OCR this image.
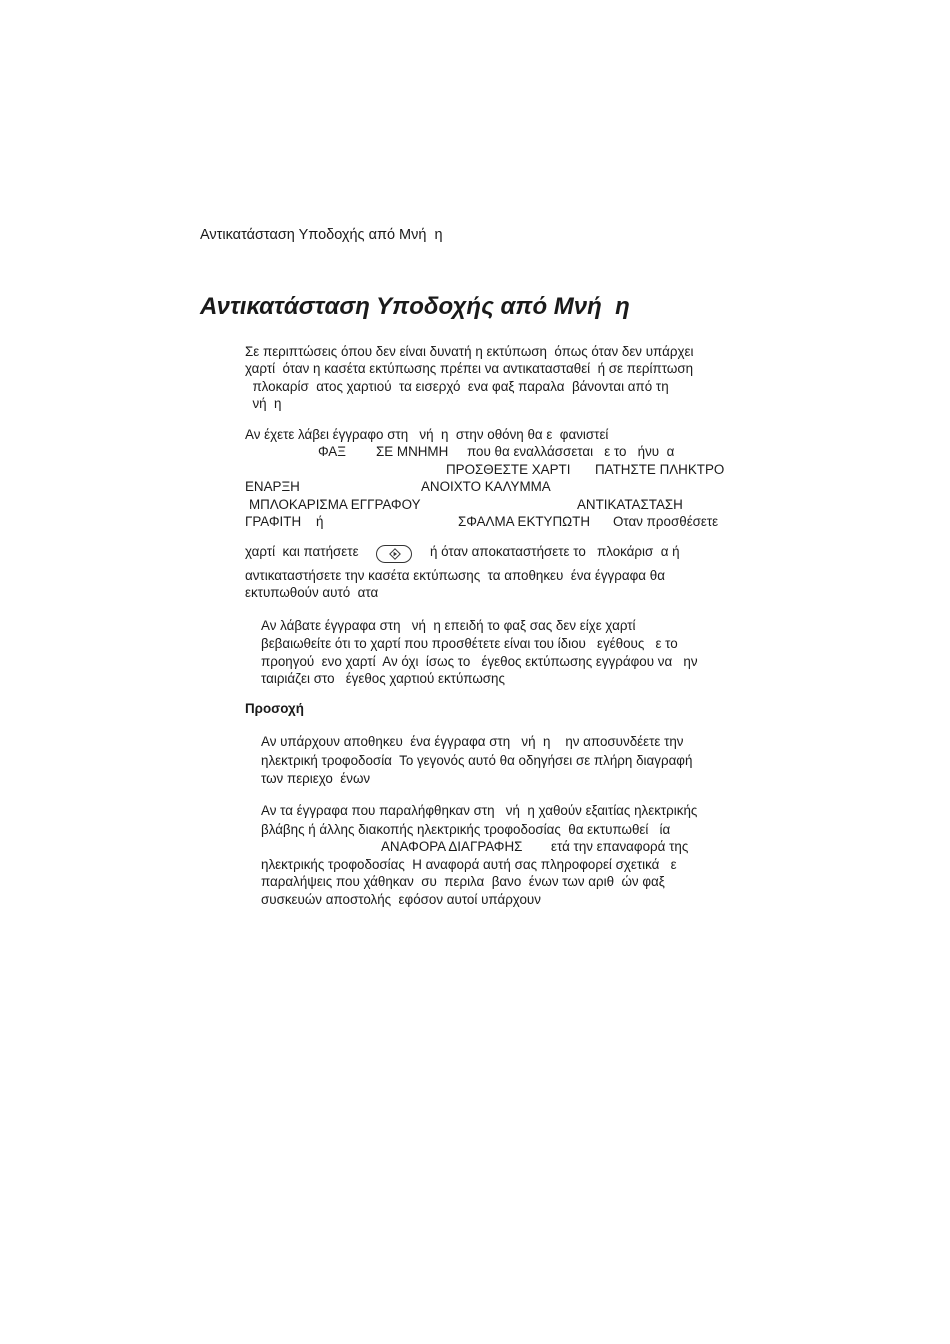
Αντικατάσταση Υποδοχής από Μνή  η
Αντικατάσταση Υποδοχής από Μνή  η
Σε περιπτώσεις όπου δεν είναι δυνατή η εκτύπωση  όπως όταν δεν υπάρχει
χαρτί  όταν η κασέτα εκτύπωσης πρέπει να αντικατασταθεί  ή σε περίπτωση
πλοκαρίσ  ατος χαρτιού  τα εισερχό  ενα φαξ παραλα  βάνονται από τη
νή  η
Αν έχετε λάβει έγγραφο στη   νή  η  στην οθόνη θα ε  φανιστεί
ΦΑΞ ΣΕ ΜΝΗΜΗ που θα εναλλάσσεται   ε το   ήνυ  α
ΠΡΟΣΘΕΣΤΕ ΧΑΡΤΙ ΠΑΤΗΣΤΕ ΠΛΗΚΤΡΟ
ΕΝΑΡΞΗ	ΑΝΟΙΧΤΟ ΚΑΛΥΜΜΑ
ΜΠΛΟΚΑΡΙΣΜΑ ΕΓΓΡΑΦΟΥ	ΑΝΤΙΚΑΤΑΣΤΑΣΗ
ΓΡΑΦΙΤΗ ή	ΣΦΑΛΜΑ ΕΚΤΥΠΩΤΗ Οταν προσθέσετε
χαρτί  και πατήσετε	ή όταν αποκαταστήσετε το   πλοκάρισ  α ή
αντικαταστήσετε την κασέτα εκτύπωσης  τα αποθηκευ  ένα έγγραφα θα
εκτυπωθούν αυτό  ατα
Αν λάβατε έγγραφα στη   νή  η επειδή το φαξ σας δεν είχε χαρτί
βεβαιωθείτε ότι το χαρτί που προσθέτετε είναι του ίδιου   εγέθους   ε το
προηγού  ενο χαρτί  Αν όχι  ίσως το   έγεθος εκτύπωσης εγγράφου να   ην
ταιριάζει στο   έγεθος χαρτιού εκτύπωσης
Προσοχή
Αν υπάρχουν αποθηκευ  ένα έγγραφα στη   νή  η    ην αποσυνδέετε την
ηλεκτρική τροφοδοσία  Το γεγονός αυτό θα οδηγήσει σε πλήρη διαγραφή
των περιεχο  ένων
Αν τα έγγραφα που παραλήφθηκαν στη   νή  η χαθούν εξαιτίας ηλεκτρικής
βλάβης ή άλλης διακοπής ηλεκτρικής τροφοδοσίας  θα εκτυπωθεί   ία
ΑΝΑΦΟΡΑ ΔΙΑΓΡΑΦΗΣ ετά την επαναφορά της
ηλεκτρικής τροφοδοσίας  Η αναφορά αυτή σας πληροφορεί σχετικά   ε
παραλήψεις που χάθηκαν  συ  περιλα  βανο  ένων των αριθ  ών φαξ
συσκευών αποστολής  εφόσον αυτοί υπάρχουν
